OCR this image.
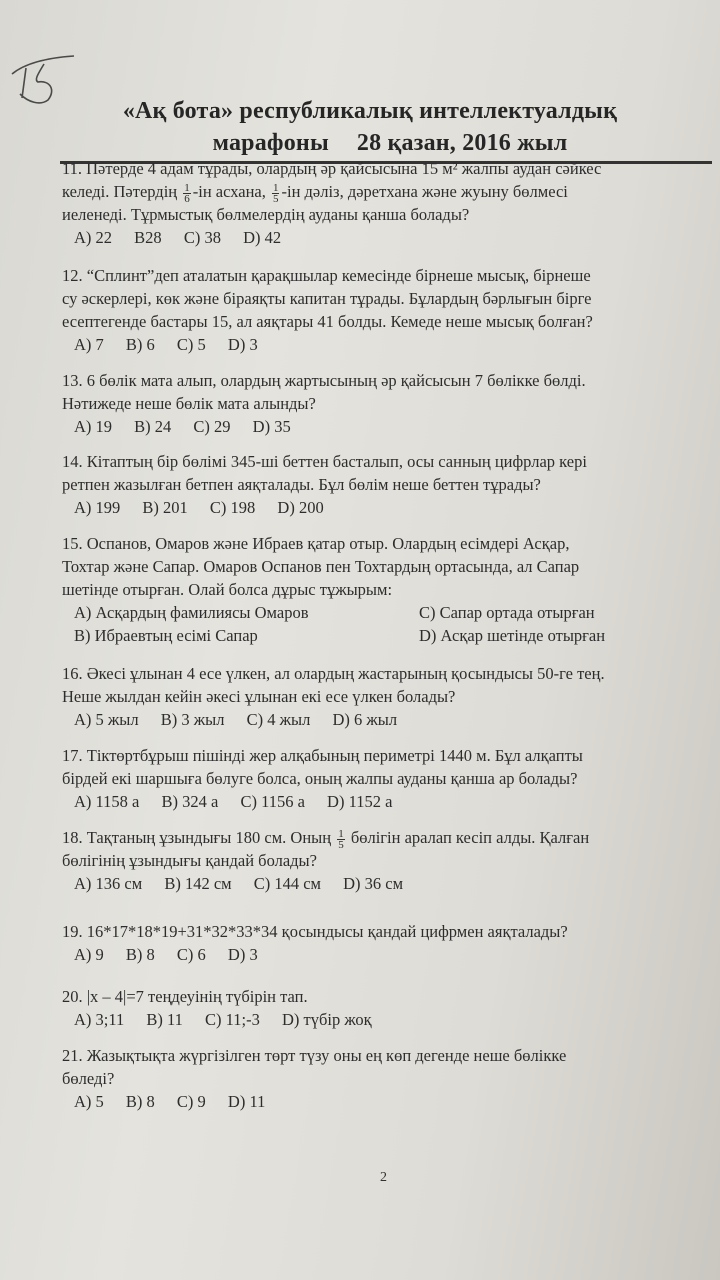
«Ақ бота» республикалық интеллектуалдық
марафоны 28 қазан, 2016 жыл
11. Пәтерде 4 адам тұрады, олардың әр қайсысына 15 м² жалпы аудан сәйкес
келеді. Пәтердің $\frac{1}{6} -ін$ асхана, $\frac{1}{5} -ін$ дәліз, дәретхана және жуыну бөлмесі
иеленеді. Тұрмыстық бөлмелердің ауданы қанша болады?
A) 22 B28 C) 38 D) 42
12. “Сплинт”деп аталатын қарақшылар кемесінде бірнеше мысық, бірнеше
су әскерлері, көк және біраяқты капитан тұрады. Бұлардың бәрлығын бірге
есептегенде бастары 15, ал аяқтары 41 болды. Кемеде неше мысық болған?
A) 7 B) 6 C) 5 D) 3
13. 6 бөлік мата алып, олардың жартысының әр қайсысын 7 бөлікке бөлді.
Нәтижеде неше бөлік мата алынды?
A) 19 B) 24 C) 29 D) 35
14. Кітаптың бір бөлімі 345-ші беттен басталып, осы санның цифрлар кері
ретпен жазылған бетпен аяқталады. Бұл бөлім неше беттен тұрады?
A) 199 B) 201 C) 198 D) 200
15. Оспанов, Омаров және Ибраев қатар отыр. Олардың есімдері Асқар,
Тохтар және Сапар. Омаров Оспанов пен Тохтардың ортасында, ал Сапар
шетінде отырған. Олай болса дұрыс тұжырым:
A) Асқардың фамилиясы Омаров	C) Сапар ортада отырған
B) Ибраевтың есімі Сапар	D) Асқар шетінде отырған
16. Әкесі ұлынан 4 есе үлкен, ал олардың жастарының қосындысы 50-ге тең.
Неше жылдан кейін әкесі ұлынан екі есе үлкен болады?
A) 5 жыл B) 3 жыл C) 4 жыл D) 6 жыл
17. Тіктөртбұрыш пішінді жер алқабының периметрі 1440 м. Бұл алқапты
бірдей екі шаршыға бөлуге болса, оның жалпы ауданы қанша ар болады?
A) 1158 а B) 324 а C) 1156 а D) 1152 а
18. Тақтаның ұзындығы 180 см. Оның $\frac{1}{5}$ бөлігін аралап кесіп алды. Қалған
бөлігінің ұзындығы қандай болады?
A) 136 см B) 142 см C) 144 см D) 36 см
19. 16*17*18*19+31*32*33*34 қосындысы қандай цифрмен аяқталады?
A) 9 B) 8 C) 6 D) 3
20. |x – 4|=7 теңдеуінің түбірін тап.
A) 3;11 B) 11 C) 11;-3 D) түбір жоқ
21. Жазықтықта жүргізілген төрт түзу оны ең көп дегенде неше бөлікке
бөледі?
A) 5 B) 8 C) 9 D) 11
2
